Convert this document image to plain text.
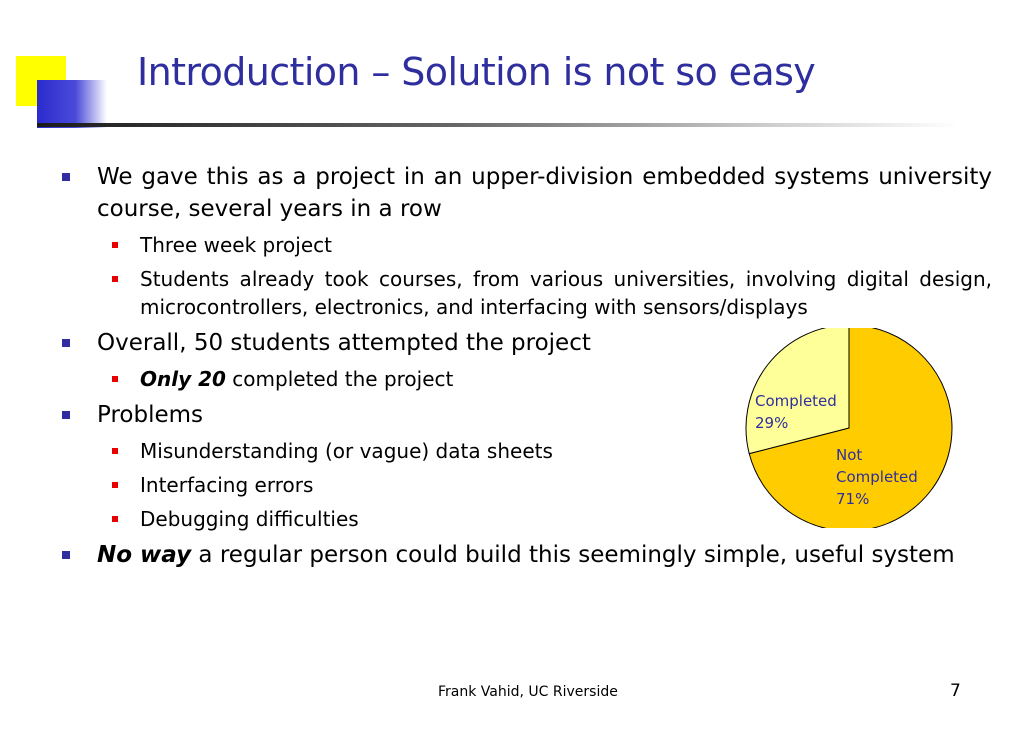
Introduction – Solution is not so easy
We gave this as a project in an upper-division embedded systems university course, several years in a row
Three week project
Students already took courses, from various universities, involving digital design, microcontrollers, electronics, and interfacing with sensors/displays
Overall, 50 students attempted the project
Only 20 completed the project
Problems
Misunderstanding (or vague) data sheets
Interfacing errors
Debugging difficulties
No way a regular person could build this seemingly simple, useful system
Not Completed 71%
Completed 29%
Frank Vahid, UC Riverside	7
